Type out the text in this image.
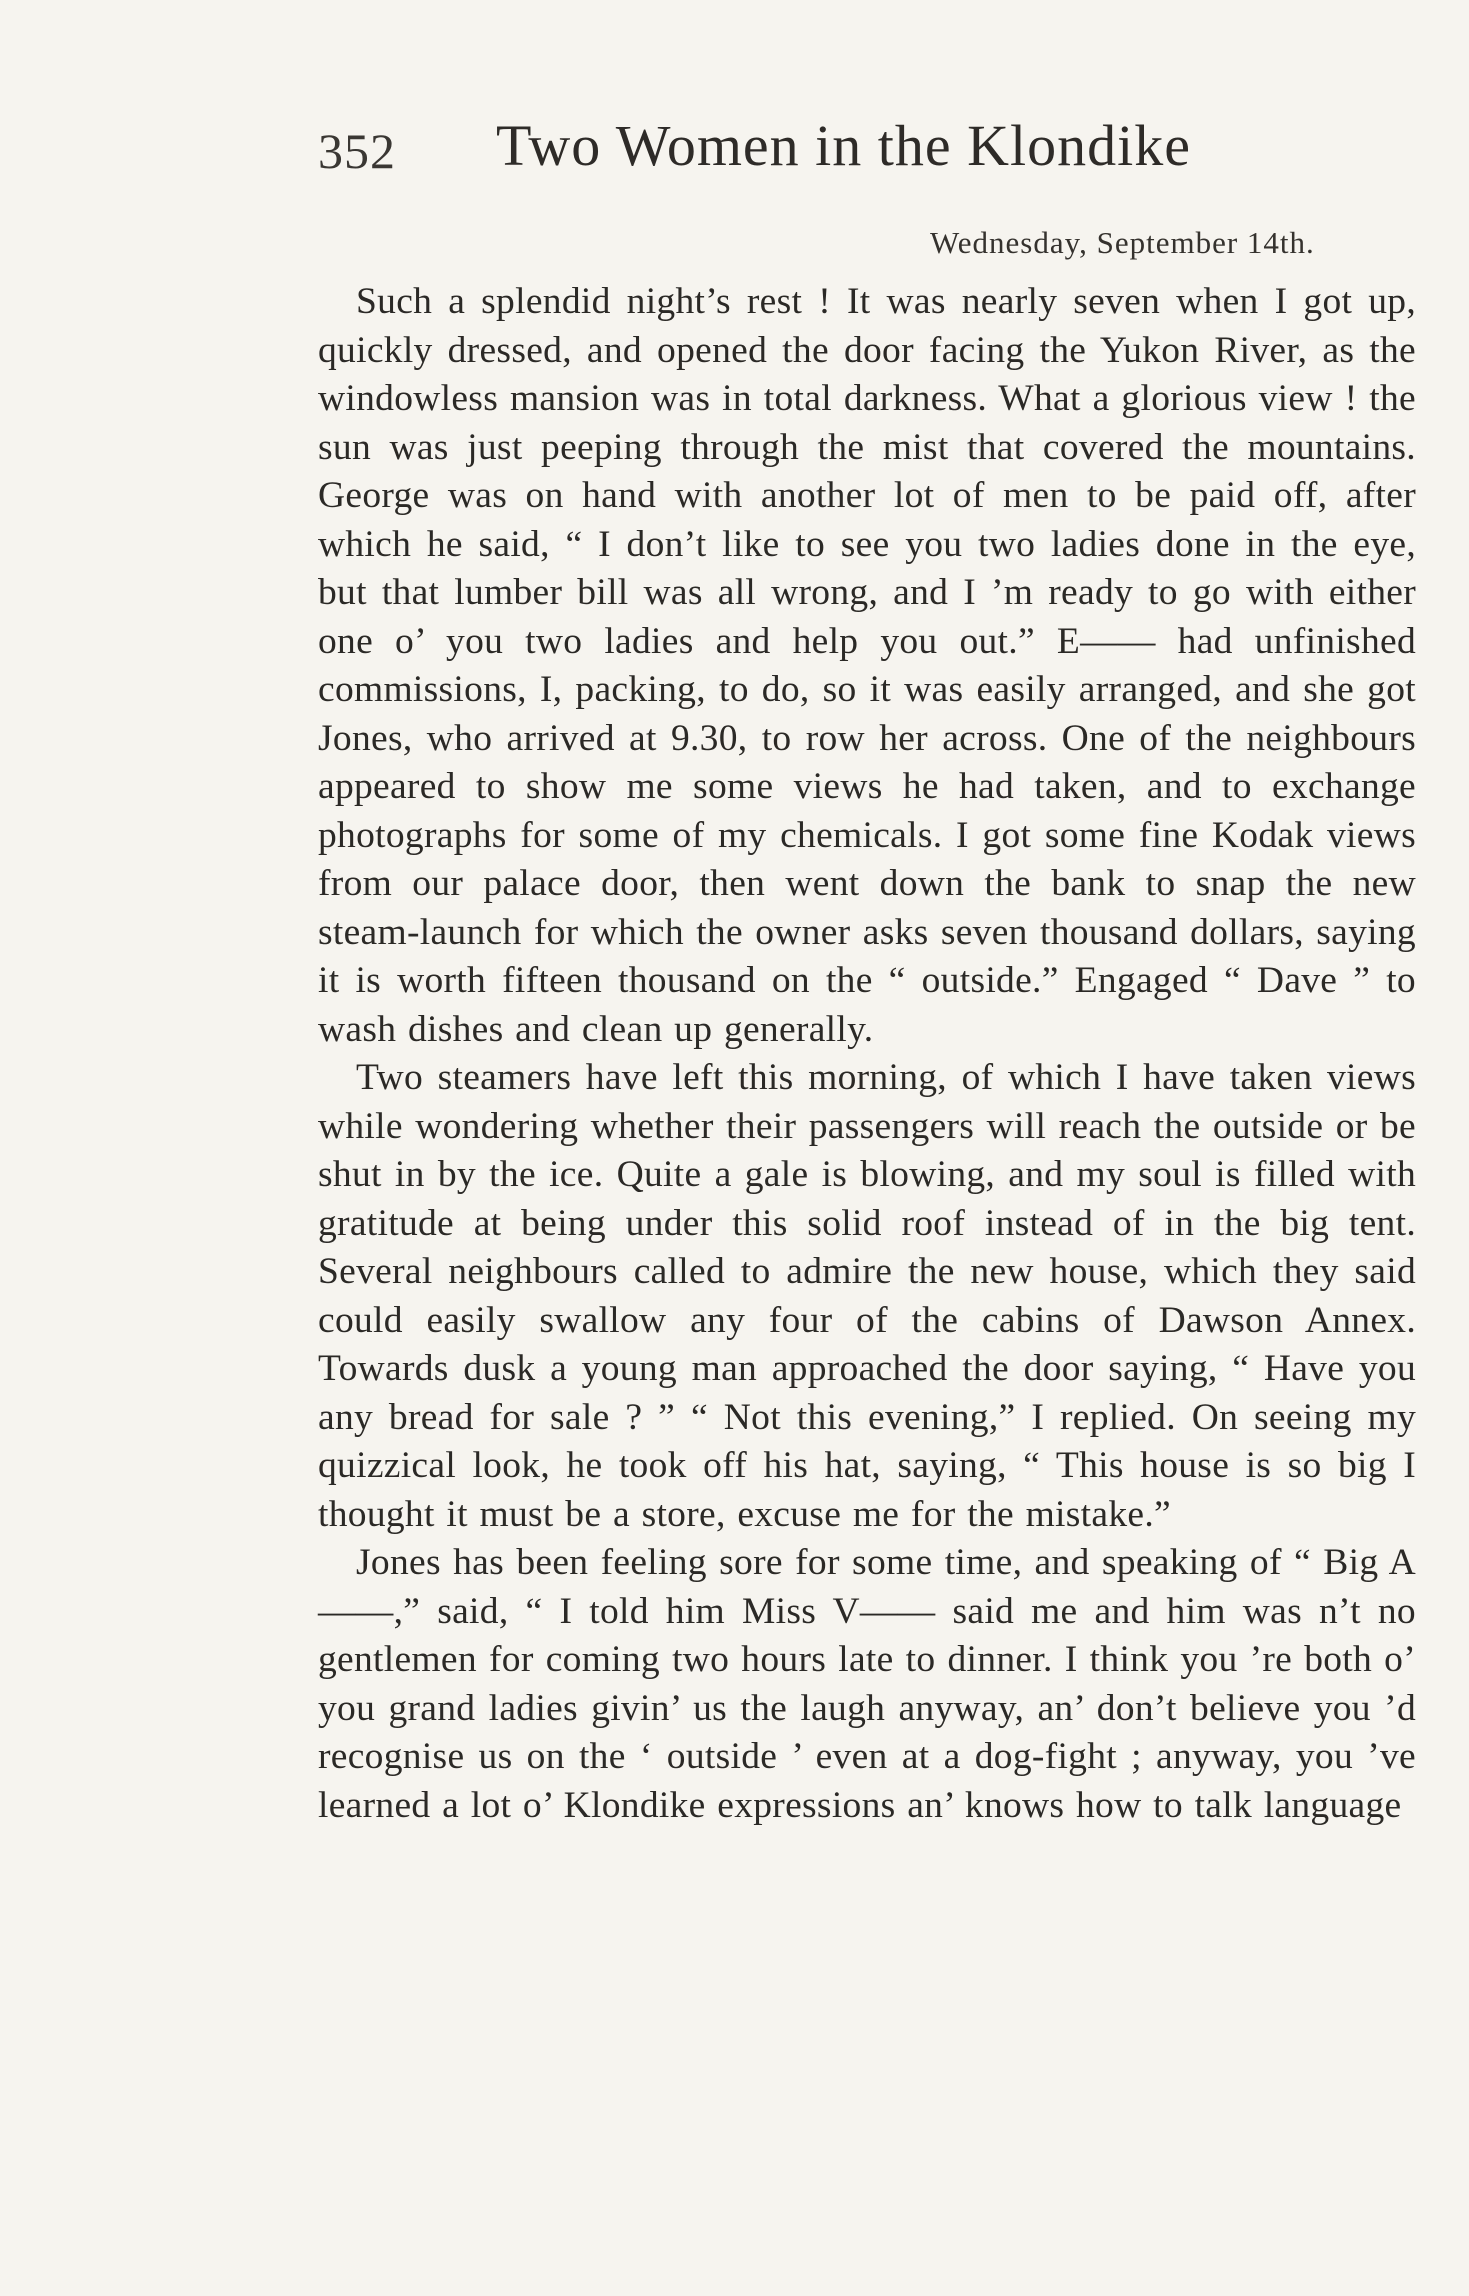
352 Two Women in the Klondike
Wednesday, September 14th.

Such a splendid night’s rest ! It was nearly seven when I got up, quickly dressed, and opened the door facing the Yukon River, as the windowless mansion was in total darkness. What a glorious view ! the sun was just peeping through the mist that covered the mountains. George was on hand with another lot of men to be paid off, after which he said, “ I don’t like to see you two ladies done in the eye, but that lumber bill was all wrong, and I ’m ready to go with either one o’ you two ladies and help you out.” E—— had unfinished commissions, I, packing, to do, so it was easily arranged, and she got Jones, who arrived at 9.30, to row her across. One of the neighbours appeared to show me some views he had taken, and to exchange photographs for some of my chemicals. I got some fine Kodak views from our palace door, then went down the bank to snap the new steam-launch for which the owner asks seven thousand dollars, saying it is worth fifteen thousand on the “ outside.” Engaged “ Dave ” to wash dishes and clean up generally.

Two steamers have left this morning, of which I have taken views while wondering whether their passengers will reach the outside or be shut in by the ice. Quite a gale is blowing, and my soul is filled with gratitude at being under this solid roof instead of in the big tent. Several neighbours called to admire the new house, which they said could easily swallow any four of the cabins of Dawson Annex. Towards dusk a young man approached the door saying, “ Have you any bread for sale ? ” “ Not this evening,” I replied. On seeing my quizzical look, he took off his hat, saying, “ This house is so big I thought it must be a store, excuse me for the mistake.”

Jones has been feeling sore for some time, and speaking of “ Big A——,” said, “ I told him Miss V—— said me and him was n’t no gentlemen for coming two hours late to dinner. I think you ’re both o’ you grand ladies givin’ us the laugh anyway, an’ don’t believe you ’d recognise us on the ‘ outside ’ even at a dog-fight ; anyway, you ’ve learned a lot o’ Klondike expressions an’ knows how to talk language
